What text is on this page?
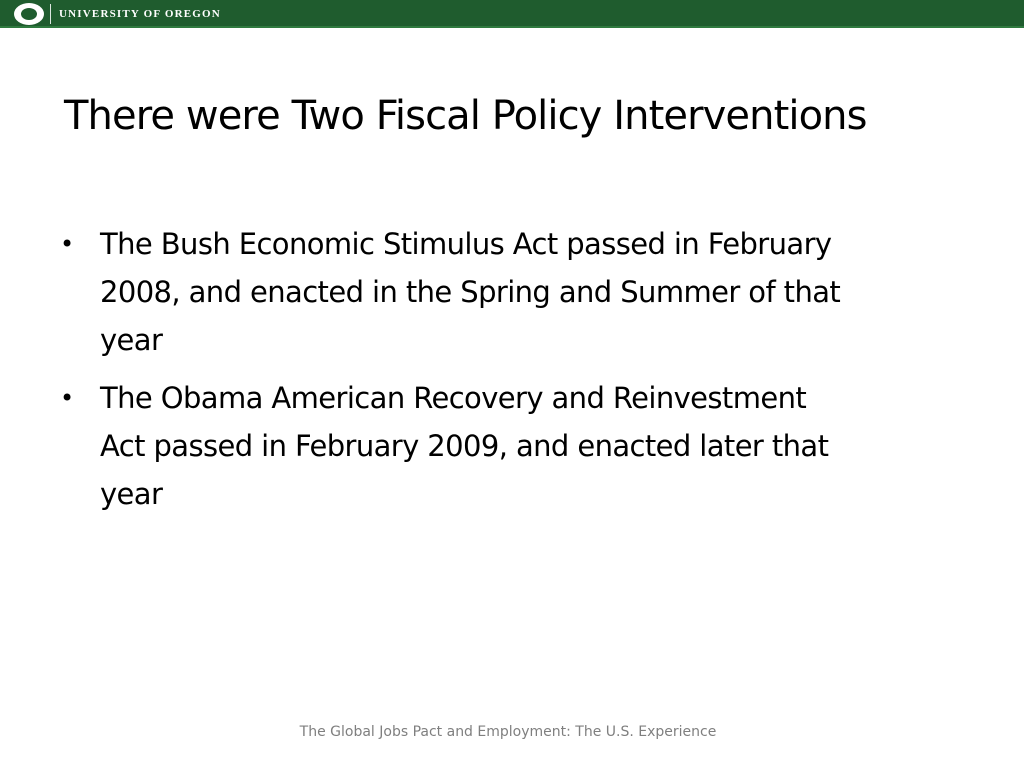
UNIVERSITY OF OREGON
There were Two Fiscal Policy Interventions
• The Bush Economic Stimulus Act passed in February
2008, and enacted in the Spring and Summer of that
year
• The Obama American Recovery and Reinvestment
Act passed in February 2009, and enacted later that
year
The Global Jobs Pact and Employment: The U.S. Experience
